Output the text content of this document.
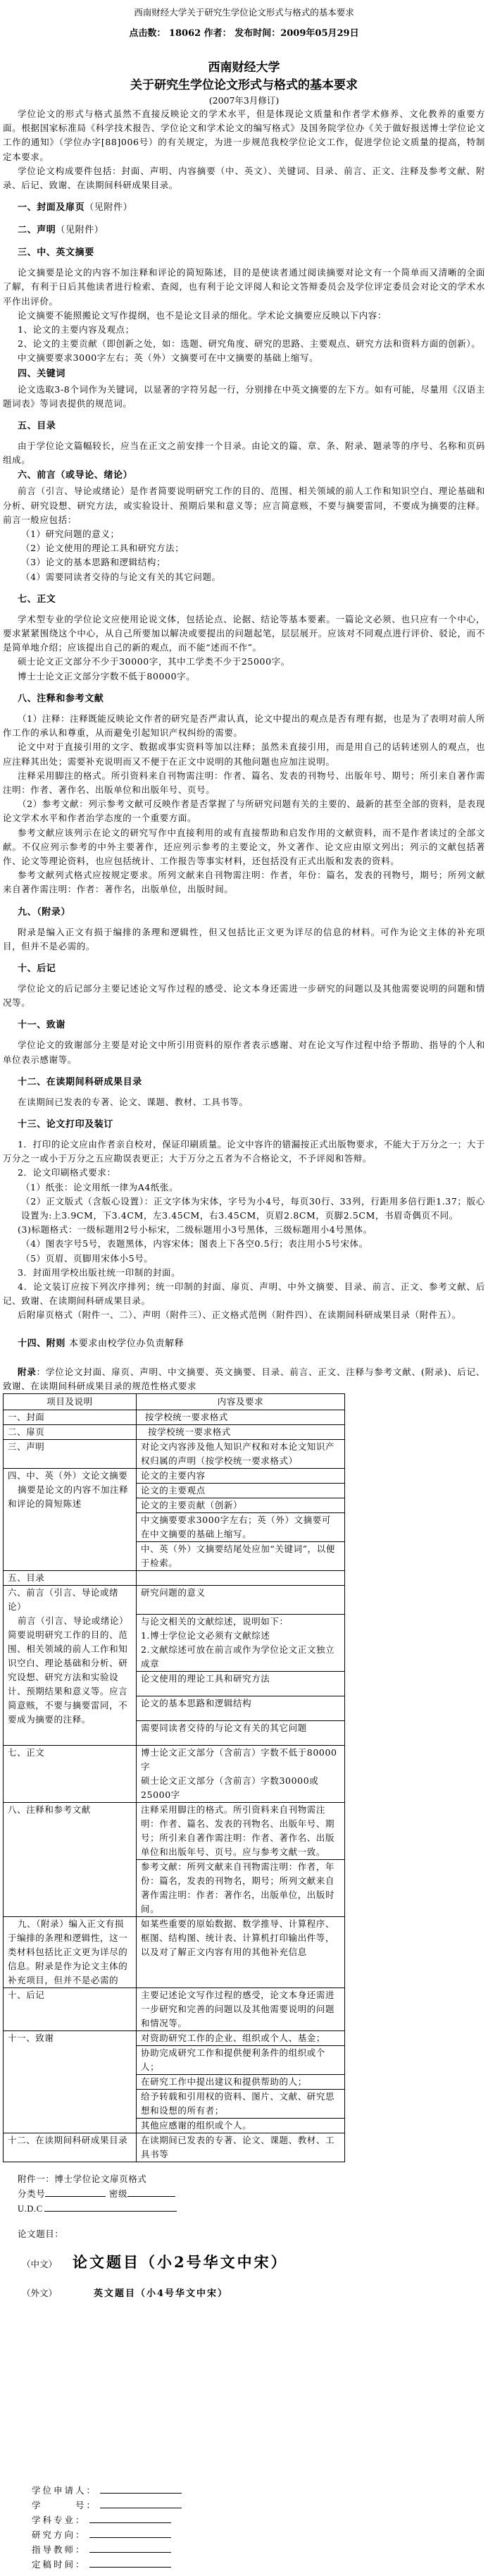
西南财经大学关于研究生学位论文形式与格式的基本要求
点击数： 18062 作者： 发布时间：2009年05月29日
西南财经大学
关于研究生学位论文形式与格式的基本要求
(2007年3月修订)

学位论文的形式与格式虽然不直接反映论文的学术水平，但是体现论文质量和作者学术修养、文化教养的重要方面。根据国家标准局《科学技术报告、学位论文和学术论文的编写格式》及国务院学位办《关于做好报送博士学位论文工作的通知》（学位办字[88]006号）的有关规定，为进一步规范我校学位论文工作，促进学位论文质量的提高，特制定本要求。

学位论文构成要件包括：封面、声明、内容摘要（中、英文）、关键词、目录、前言、正文、注释及参考文献、附录、后记、致谢、在读期间科研成果目录。

一、封面及扉页（见附件）
二、声明（见附件）
三、中、英文摘要

论文摘要是论文的内容不加注释和评论的简短陈述，目的是使读者通过阅读摘要对论文有一个简单而又清晰的全面了解，有利于日后其他读者进行检索、查阅，也有利于论文评阅人和论文答辩委员会及学位评定委员会对论文的学术水平作出评价。

论文摘要不能照搬论文写作提纲，也不是论文目录的细化。学术论文摘要应反映以下内容：

1、论文的主要内容及观点；

2、论文的主要贡献（即创新之处，如：选题、研究角度、研究的思路、主要观点、研究方法和资料方面的创新）。

中文摘要要求3000字左右；英（外）文摘要可在中文摘要的基础上缩写。

四、关键词

论文选取3-8个词作为关键词，以显著的字符另起一行，分别排在中英文摘要的左下方。如有可能，尽量用《汉语主题词表》等词表提供的规范词。

五、目录

由于学位论文篇幅较长，应当在正文之前安排一个目录。由论文的篇、章、条、附录、题录等的序号、名称和页码组成。

六、前言（或导论、绪论）

前言（引言、导论或绪论）是作者简要说明研究工作的目的、范围、相关领域的前人工作和知识空白、理论基础和分析、研究设想、研究方法，或实验设计、预期后果和意义等；应言简意赅，不要与摘要雷同，不要成为摘要的注释。前言一般应包括：

（1）研究问题的意义；

（2）论文使用的理论工具和研究方法；

（3）论文的基本思路和逻辑结构；

（4）需要同读者交待的与论文有关的其它问题。

七、正文

学术型专业的学位论文应使用论说文体，包括论点、论据、结论等基本要素。一篇论文必须、也只应有一个中心，要求紧紧围绕这个中心，从自己所要加以解决或要提出的问题起笔，层层展开。应该对不同观点进行评价、驳论，而不是简单地介绍；应该提出自己的新的观点，而不能“述而不作”。

硕士论文正文部分不少于30000字，其中工学类不少于25000字。

博士士论文正文部分字数不低于80000字。

八、注释和参考文献

（1）注释：注释既能反映论文作者的研究是否严肃认真，论文中提出的观点是否有理有据，也是为了表明对前人所作工作的承认和尊重，从而避免引起知识产权纠纷的需要。

论文中对于直接引用的文字、数据或事实资料等加以注释；虽然未直接引用，而是用自己的话转述别人的观点，也应注释其出处；需要补充说明而又不便于在正文中说明的其他问题也应加注说明。

注释采用脚注的格式。所引资料来自刊物需注明：作者、篇名、发表的刊物号、出版年号、期号；所引来自著作需注明：作者、著作名、出版单位和出版年号、页号。

（2）参考文献：列示参考文献可反映作者是否掌握了与所研究问题有关的主要的、最新的甚至全部的资料，是表现论文学术水平和作者治学态度的一个重要方面。

参考文献应该列示在论文的研究写作中直接利用的或有直接帮助和启发作用的文献资料，而不是作者读过的全部文献。不仅应列示参考的中外主要著作，还应列示参考的主要论文，外文著作、论文应由原文列出；列示的文献包括著作、论文等理论资料，也应包括统计、工作报告等事实材料，还包括没有正式出版和发表的资料。

参考文献列式格式应按规定要求。所列文献来自刊物需注明：作者，年份：篇名，发表的刊物号，期号；所列文献来自著作需注明：作者：著作名，出版单位，出版时间。

九、（附录）

附录是编入正文有损于编排的条理和逻辑性，但又包括比正文更为详尽的信息的材料。可作为论文主体的补充项目，但并不是必需的。

十、后记

学位论文的后记部分主要记述论文写作过程的感受、论文本身还需进一步研究的问题以及其他需要说明的问题和情况等。

十一、致谢

学位论文的致谢部分主要是对论文中所引用资料的原作者表示感谢、对在论文写作过程中给予帮助、指导的个人和单位表示感谢等。

十二、在读期间科研成果目录

在读期间已发表的专著、论文、课题、教材、工具书等。

十三、论文打印及装订

1．打印的论文应由作者亲自校对，保证印刷质量。论文中容许的错漏按正式出版物要求，不能大于万分之一；大于万分之一或小于万分之五应勘误表更正；大于万分之五者为不合格论文，不予评阅和答辩。

2．论文印刷格式要求：

（1）纸张：论文用纸一律为A4纸张。

（2）正文版式（含版心设置）：正文字体为宋体，字号为小4号，每页30行、33列，行距用多倍行距1.37；版心设置为:上3.9CM，下3.4CM，左3.45CM，右3.45CM，页眉2.8CM，页脚2.5CM，书眉奇偶页不同。

(3)标题格式：一级标题用2号小标宋，二级标题用小3号黑体，三级标题用小4号黑体。

（4）图表字号5号，表题黑体，内容宋体；图表上下各空0.5行；表注用小5号宋体。

（5）页眉、页脚用宋体小5号。

3．封面用学校出版社统一印制的封面。

4．论文装订应按下列次序排列；统一印制的封面、扉页、声明、中外文摘要、目录、前言、正文、参考文献、后记、致谢、在读期间科研成果目录。

后附扉页格式（附件一、二）、声明（附件三）、正文格式范例（附件四）、在读期间科研成果目录（附件五）。

十四、附则 本要求由校学位办负责解释

附录：学位论文封面、扉页、声明、中文摘要、英文摘要、目录、前言、正文、注释与参考文献、(附录)、后记、致谢、在读期间科研成果目录的规范性格式要求

项目及说明	内容及要求
一、封面	按学校统一要求格式
二、扉页	按学校统一要求格式
三、声明	对论文内容涉及他人知识产权和对本论文知识产权归属的声明（按学校统一要求格式）

四、中、英（外）文论文摘要
摘要是论文的内容不加注释和评论的简短陈述	论文的主要内容
	论文的主要观点
	论文的主要贡献（创新）
	中文摘要要求3000字左右；英（外）文摘要可在中文摘要的基础上缩写。
	中、英（外）文摘要结尾处应加“关键词”，以便于检索。
五、目录	

六、前言（引言、导论或绪论）
前言（引言、导论或绪论）简要说明研究工作的目的、范围、相关领域的前人工作和知识空白、理论基础和分析、研究设想、研究方法和实验设计、预期结果和意义等。应言简意赅，不要与摘要雷同，不要成为摘要的注释。	研究问题的意义

	与论文相关的文献综述，说明如下：
1.博士学位论文必须有文献综述
2.文献综述可放在前言或作为学位论文正文独立成章

	论文使用的理论工具和研究方法
	论文的基本思路和逻辑结构
	需要同读者交待的与论文有关的其它问题
七、正文	博士论文正文部分（含前言）字数不低于80000字
硕士论文正文部分（含前言）字数30000或25000字

八、注释和参考文献	注释采用脚注的格式。所引资料来自刊物需注明：作者、篇名、发表的刊物名、出版年号、期号；所引来自著作需注明：作者、著作名、出版单位和出版年号、页号。应与参考文献一致。
	参考文献：所列文献来自刊物需注明：作者，年份：篇名，发表的刊物名，期号；所列文献来自著作需注明：作者：著作名，出版单位，出版时间。
九、（附录）编入正文有损于编排的条理和逻辑性，这一类材料包括比正文更为详尽的信息。附录是作为论文主体的补充项目，但并不是必需的	如某些重要的原始数据、数学推导、计算程序、框图、结构图、统计表、计算机打印输出件等，以及对了解正文内容有用的其他补充信息
十、后记	主要记述论文写作过程的感受，论文本身还需进一步研究和完善的问题以及其他需要说明的问题和情况等。
十一、致谢	对资助研究工作的企业、组织或个人、基金；
	协助完成研究工作和提供便利条件的组织或个人；
	在研究工作中提出建议和提供帮助的人；
	给予转载和引用权的资料、图片、文献、研究思想和设想的所有者；
	其他应感谢的组织或个人。
十二、在读期间科研成果目录	在读期间已发表的专著、论文、课题、教材、工具书等
附件一：博士学位论文扉页格式
分类号	密级
U.D.C
论文题目：
（中文） 论文题目（小2号华文中宋）
（外文）	英文题目（小4号华文中宋）
学位申请人：
学　　　号：
学科专业：
研究方向：
指导教师：
定稿时间：
